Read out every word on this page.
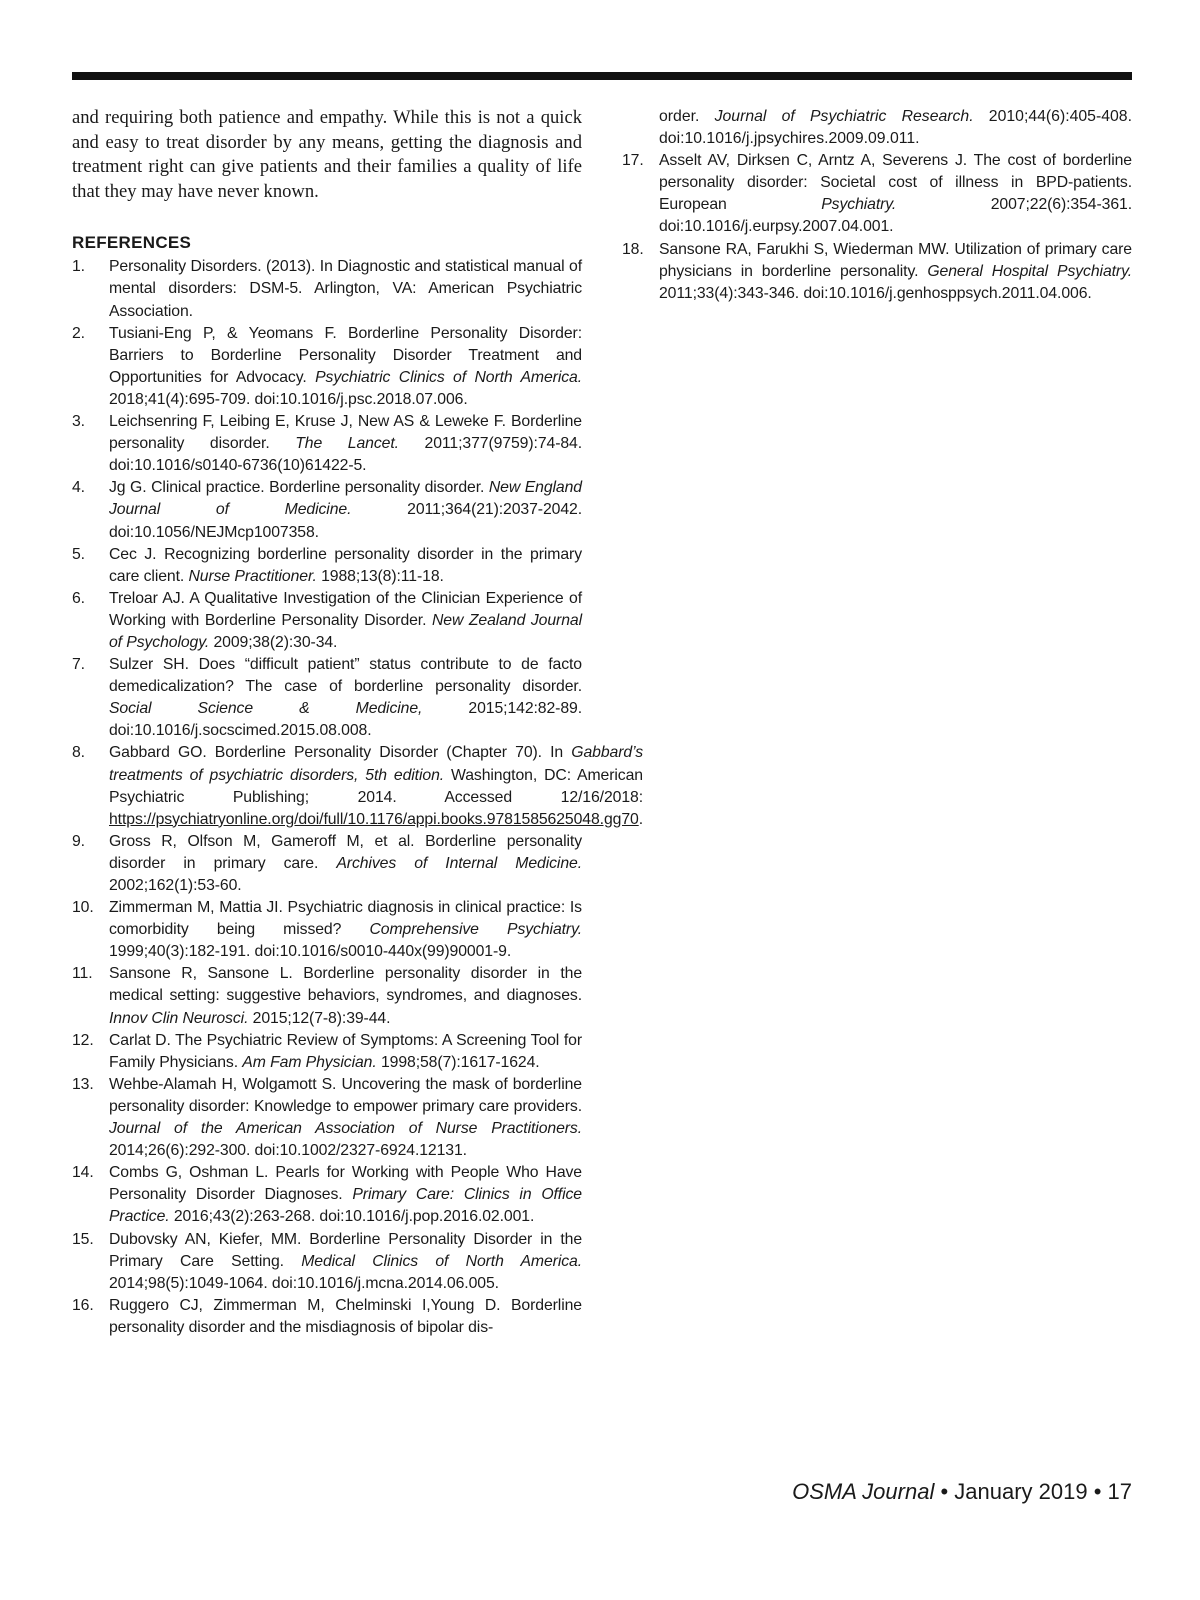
and requiring both patience and empathy. While this is not a quick and easy to treat disorder by any means, getting the diagnosis and treatment right can give patients and their families a quality of life that they may have never known.

REFERENCES
1.	Personality Disorders. (2013). In Diagnostic and statistical manual of mental disorders: DSM-5. Arlington, VA: American Psychiatric Association.
2.	Tusiani-Eng P, & Yeomans F. Borderline Personality Disorder: Barriers to Borderline Personality Disorder Treatment and Opportunities for Advocacy. Psychiatric Clinics of North America. 2018;41(4):695-709. doi:10.1016/j.psc.2018.07.006.
3.	Leichsenring F, Leibing E, Kruse J, New AS & Leweke F. Borderline personality disorder. The Lancet. 2011;377(9759):74-84. doi:10.1016/s0140-6736(10)61422-5.
4.	Jg G. Clinical practice. Borderline personality disorder. New England Journal of Medicine. 2011;364(21):2037-2042. doi:10.1056/NEJMcp1007358.
5.	Cec J. Recognizing borderline personality disorder in the primary care client. Nurse Practitioner. 1988;13(8):11-18.
6.	Treloar AJ. A Qualitative Investigation of the Clinician Experience of Working with Borderline Personality Disorder. New Zealand Journal of Psychology. 2009;38(2):30-34.
7.	Sulzer SH. Does “difficult patient” status contribute to de facto demedicalization? The case of borderline personality disorder. Social Science & Medicine, 2015;142:82-89. doi:10.1016/j.socscimed.2015.08.008.
8.	Gabbard GO. Borderline Personality Disorder (Chapter 70). In Gabbard’s treatments of psychiatric disorders, 5th edition. Washington, DC: American Psychiatric Publishing; 2014. Accessed 12/16/2018: https://psychiatryonline.org/doi/full/10.1176/appi.books.9781585625048.gg70.
9.	Gross R, Olfson M, Gameroff M, et al. Borderline personality disorder in primary care. Archives of Internal Medicine. 2002;162(1):53-60.
10. Zimmerman M, Mattia JI. Psychiatric diagnosis in clinical practice: Is comorbidity being missed? Comprehensive Psychiatry. 1999;40(3):182-191. doi:10.1016/s0010-440x(99)90001-9.
11.	Sansone R, Sansone L. Borderline personality disorder in the medical setting: suggestive behaviors, syndromes, and diagnoses. Innov Clin Neurosci. 2015;12(7-8):39-44.
12. Carlat D. The Psychiatric Review of Symptoms: A Screening Tool for Family Physicians. Am Fam Physician. 1998;58(7):1617-1624.
13. Wehbe-Alamah H, Wolgamott S. Uncovering the mask of borderline personality disorder: Knowledge to empower primary care providers. Journal of the American Association of Nurse Practitioners. 2014;26(6):292-300. doi:10.1002/2327-6924.12131.
14. Combs G, Oshman L. Pearls for Working with People Who Have Personality Disorder Diagnoses. Primary Care: Clinics in Office Practice. 2016;43(2):263-268. doi:10.1016/j.pop.2016.02.001.
15. Dubovsky AN, Kiefer, MM. Borderline Personality Disorder in the Primary Care Setting. Medical Clinics of North America. 2014;98(5):1049-1064. doi:10.1016/j.mcna.2014.06.005.
16. Ruggero CJ, Zimmerman M, Chelminski I,Young D. Borderline personality disorder and the misdiagnosis of bipolar dis-
order. Journal of Psychiatric Research. 2010;44(6):405-408. doi:10.1016/j.jpsychires.2009.09.011.
17. Asselt AV, Dirksen C, Arntz A, Severens J. The cost of borderline personality disorder: Societal cost of illness in BPD-patients. European Psychiatry. 2007;22(6):354-361. doi:10.1016/j.eurpsy.2007.04.001.
18. Sansone RA, Farukhi S, Wiederman MW. Utilization of primary care physicians in borderline personality. General Hospital Psychiatry. 2011;33(4):343-346. doi:10.1016/j.genhosppsych.2011.04.006.
OSMA Journal • January 2019 • 17
